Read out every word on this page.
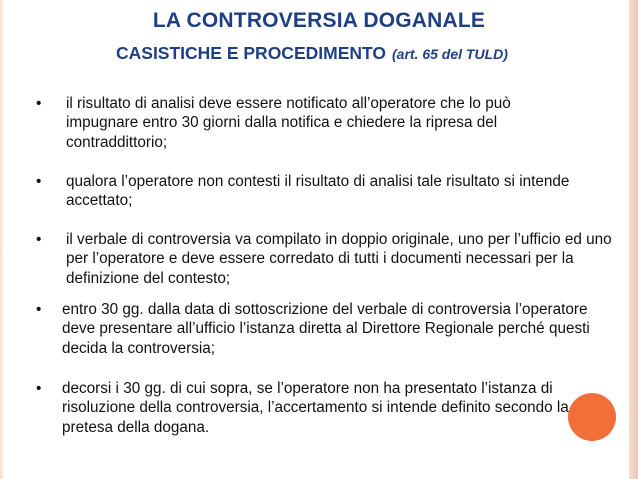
LA CONTROVERSIA DOGANALE
CASISTICHE E PROCEDIMENTO (art. 65 del TULD)
•	il risultato di analisi deve essere notificato all’operatore che lo può impugnare entro 30 giorni dalla notifica e chiedere la ripresa del contraddittorio;
•	qualora l’operatore non contesti il risultato di analisi tale risultato si intende accettato;
•	il verbale di controversia va compilato in doppio originale, uno per l’ufficio ed uno per l’operatore e deve essere corredato di tutti i documenti necessari per la definizione del contesto;
•	entro 30 gg. dalla data di sottoscrizione del verbale di controversia l’operatore deve presentare all’ufficio l’istanza diretta al Direttore Regionale perché questi decida la controversia;
•	decorsi i 30 gg. di cui sopra, se l’operatore non ha presentato l’istanza di risoluzione della controversia, l’accertamento si intende definito secondo la pretesa della dogana.
